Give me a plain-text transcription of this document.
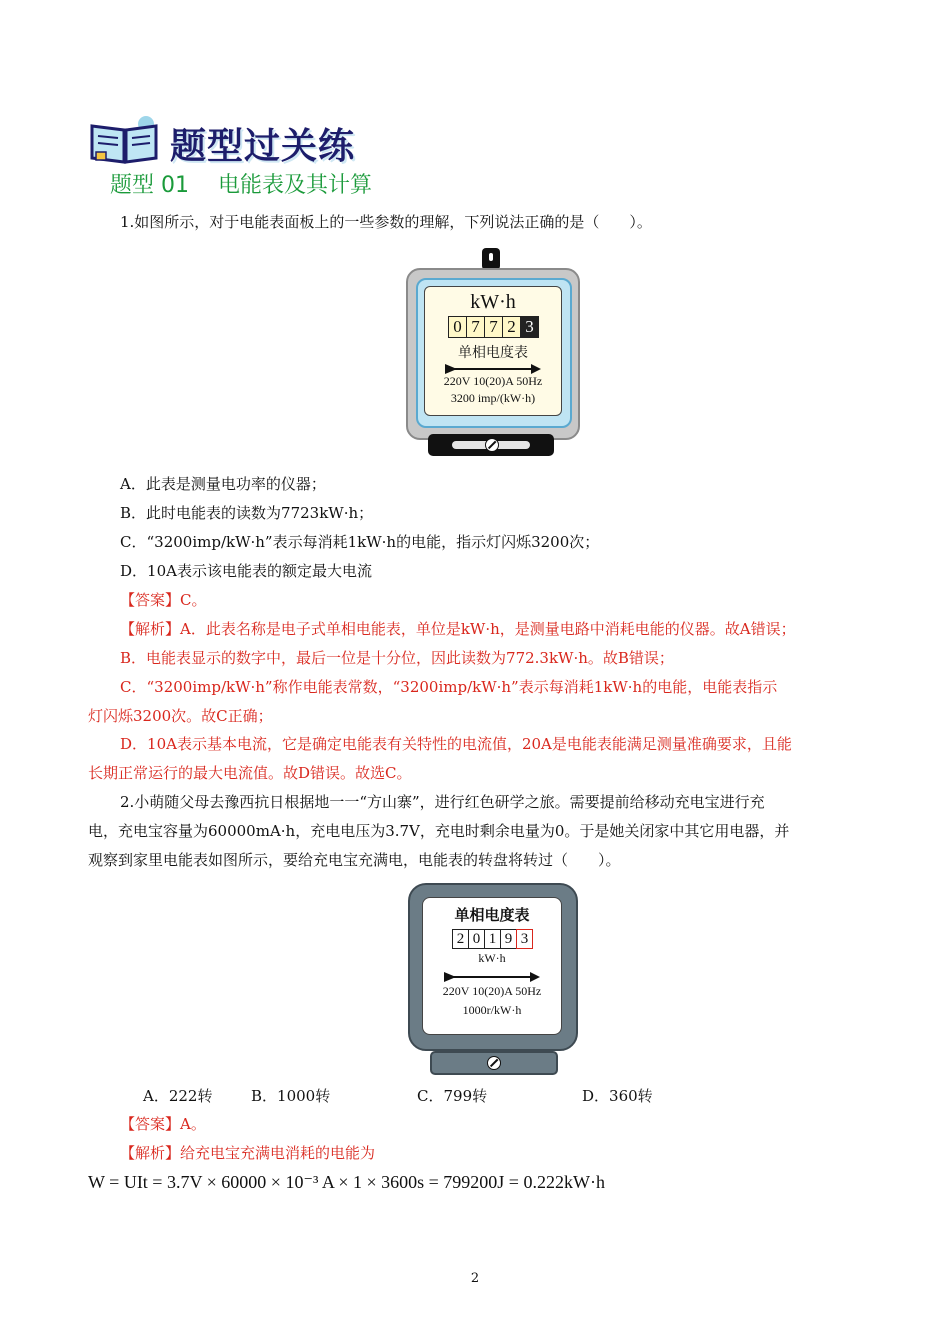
题型过关练
题型 01　 电能表及其计算
1.如图所示，对于电能表面板上的一些参数的理解，下列说法正确的是（　　）。
kW·h
0 7 7 2 3
单相电度表
220V 10(20)A 50Hz
3200 imp/(kW·h)
A．此表是测量电功率的仪器；
B．此时电能表的读数为7723kW·h；
C．“3200imp/kW·h”表示每消耗1kW·h的电能，指示灯闪烁3200次；
D．10A表示该电能表的额定最大电流
【答案】C。
【解析】A．此表名称是电子式单相电能表，单位是kW·h，是测量电路中消耗电能的仪器。故A错误；
B．电能表显示的数字中，最后一位是十分位，因此读数为772.3kW·h。故B错误；
C．“3200imp/kW·h”称作电能表常数，“3200imp/kW·h”表示每消耗1kW·h的电能，电能表指示
灯闪烁3200次。故C正确；
D．10A表示基本电流，它是确定电能表有关特性的电流值，20A是电能表能满足测量准确要求，且能
长期正常运行的最大电流值。故D错误。故选C。
2.小萌随父母去豫西抗日根据地一一“方山寨”，进行红色研学之旅。需要提前给移动充电宝进行充
电，充电宝容量为60000mA·h，充电电压为3.7V，充电时剩余电量为0。于是她关闭家中其它用电器，并
观察到家里电能表如图所示，要给充电宝充满电，电能表的转盘将转过（　　）。
单相电度表
2 0 1 9 3
kW·h
220V 10(20)A 50Hz
1000r/kW·h
A．222转	B．1000转	C．799转	D．360转
【答案】A。
【解析】给充电宝充满电消耗的电能为
W = UIt = 3.7V × 60000 × 10⁻³ A × 1 × 3600s = 799200J = 0.222kW·h
2
